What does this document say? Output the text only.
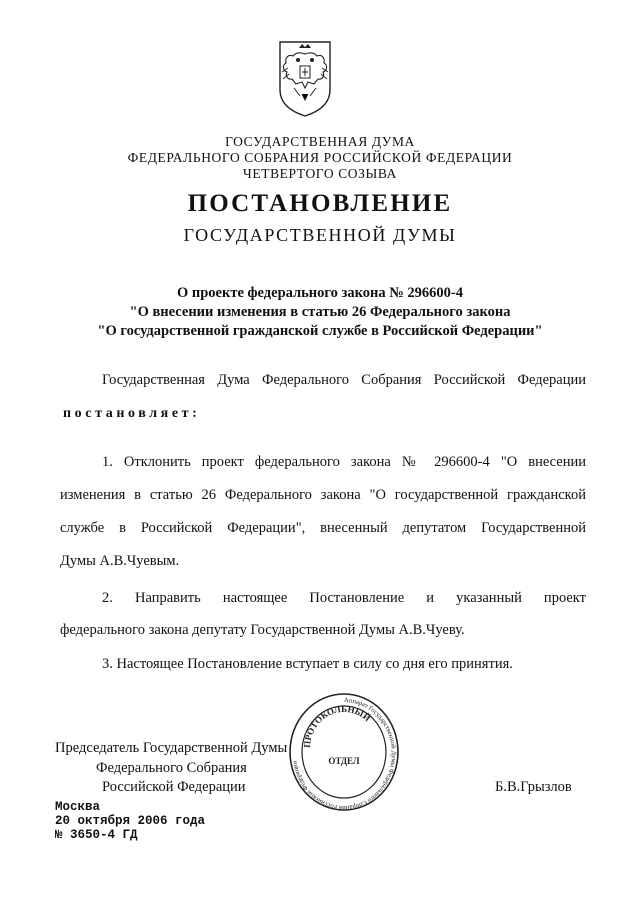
ГОСУДАРСТВЕННАЯ ДУМА
ФЕДЕРАЛЬНОГО СОБРАНИЯ РОССИЙСКОЙ ФЕДЕРАЦИИ
ЧЕТВЕРТОГО СОЗЫВА
ПОСТАНОВЛЕНИЕ
ГОСУДАРСТВЕННОЙ ДУМЫ
О проекте федерального закона № 296600-4
"О внесении изменения в статью 26 Федерального закона
"О государственной гражданской службе в Российской Федерации"
Государственная Дума Федерального Собрания Российской Федерации
постановляет:
1. Отклонить проект федерального закона № 296600-4 "О внесении
изменения в статью 26 Федерального закона "О государственной гражданской
службе в Российской Федерации", внесенный депутатом Государственной
Думы А.В.Чуевым.
2. Направить настоящее Постановление и указанный проект
федерального закона депутату Государственной Думы А.В.Чуеву.
3. Настоящее Постановление вступает в силу со дня его принятия.
Председатель Государственной Думы
Федерального Собрания
Российской Федерации	Б.В.Грызлов
Москва
20 октября 2006 года
№ 3650-4 ГД
Аппарат Государственной Думы Федерального Собрания Российской Федерации
ПРОТОКОЛЬНЫЙ
ОТДЕЛ
